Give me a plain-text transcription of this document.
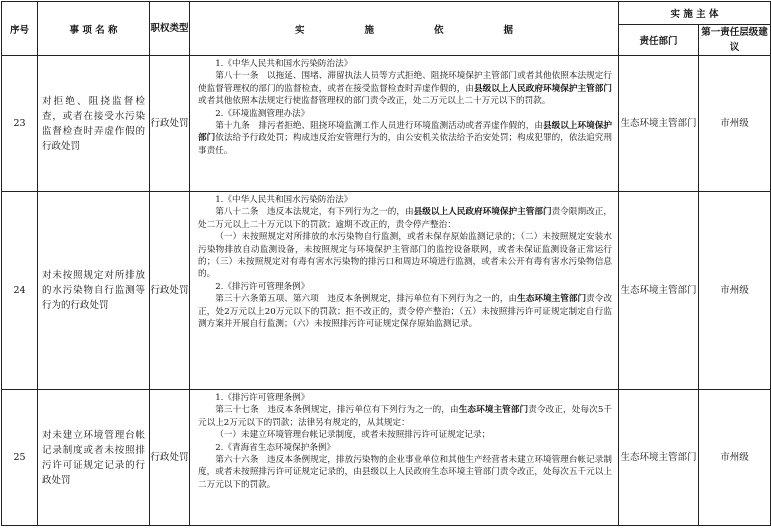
序号	事 项 名 称	职权类型	实 施 依 据	实 施 主 体	
				责任部门	第一责任层级建议
23	对拒绝、阻挠监督检查，或者在接受水污染监督检查时弄虚作假的行政处罚	行政处罚	1.《中华人民共和国水污染防治法》

第八十一条　以拖延、围堵、滞留执法人员等方式拒绝、阻挠环境保护主管部门或者其他依照本法规定行使监督管理权的部门的监督检查，或者在接受监督检查时弄虚作假的，由县级以上人民政府环境保护主管部门或者其他依照本法规定行使监督管理权的部门责令改正，处二万元以上二十万元以下的罚款。

2.《环境监测管理办法》

第十九条　排污者拒绝、阻挠环境监测工作人员进行环境监测活动或者弄虚作假的，由县级以上环境保护部门依法给予行政处罚；构成违反治安管理行为的，由公安机关依法给予治安处罚；构成犯罪的，依法追究刑事责任。	生态环境主管部门	市州级
24	对未按照规定对所排放的水污染物自行监测等行为的行政处罚	行政处罚	1.《中华人民共和国水污染防治法》

第八十二条　违反本法规定，有下列行为之一的，由县级以上人民政府环境保护主管部门责令限期改正，处二万元以上二十万元以下的罚款；逾期不改正的，责令停产整治：

（一）未按照规定对所排放的水污染物自行监测，或者未保存原始监测记录的；（二）未按照规定安装水污染物排放自动监测设备，未按照规定与环境保护主管部门的监控设备联网，或者未保证监测设备正常运行的；（三）未按照规定对有毒有害水污染物的排污口和周边环境进行监测，或者未公开有毒有害水污染物信息的。

2.《排污许可管理条例》

第三十六条第五项、第六项　违反本条例规定，排污单位有下列行为之一的，由生态环境主管部门责令改正，处2万元以上20万元以下的罚款；拒不改正的，责令停产整治；（五）未按照排污许可证规定制定自行监测方案并开展自行监测；（六）未按照排污许可证规定保存原始监测记录。	生态环境主管部门	市州级
25	对未建立环境管理台帐记录制度或者未按照排污许可证规定记录的行政处罚	行政处罚	1.《排污许可管理条例》

第三十七条　违反本条例规定，排污单位有下列行为之一的，由生态环境主管部门责令改正，处每次5千元以上2万元以下的罚款；法律另有规定的，从其规定：

（一）未建立环境管理台帐记录制度，或者未按照排污许可证规定记录；

2.《青海省生态环境保护条例》

第六十六条　违反本条例规定，排放污染物的企业事业单位和其他生产经营者未建立环境管理台帐记录制度，或者未按照排污许可证规定记录的，由县级以上人民政府生态环境主管部门责令改正，处每次五千元以上二万元以下的罚款。	生态环境主管部门	市州级
